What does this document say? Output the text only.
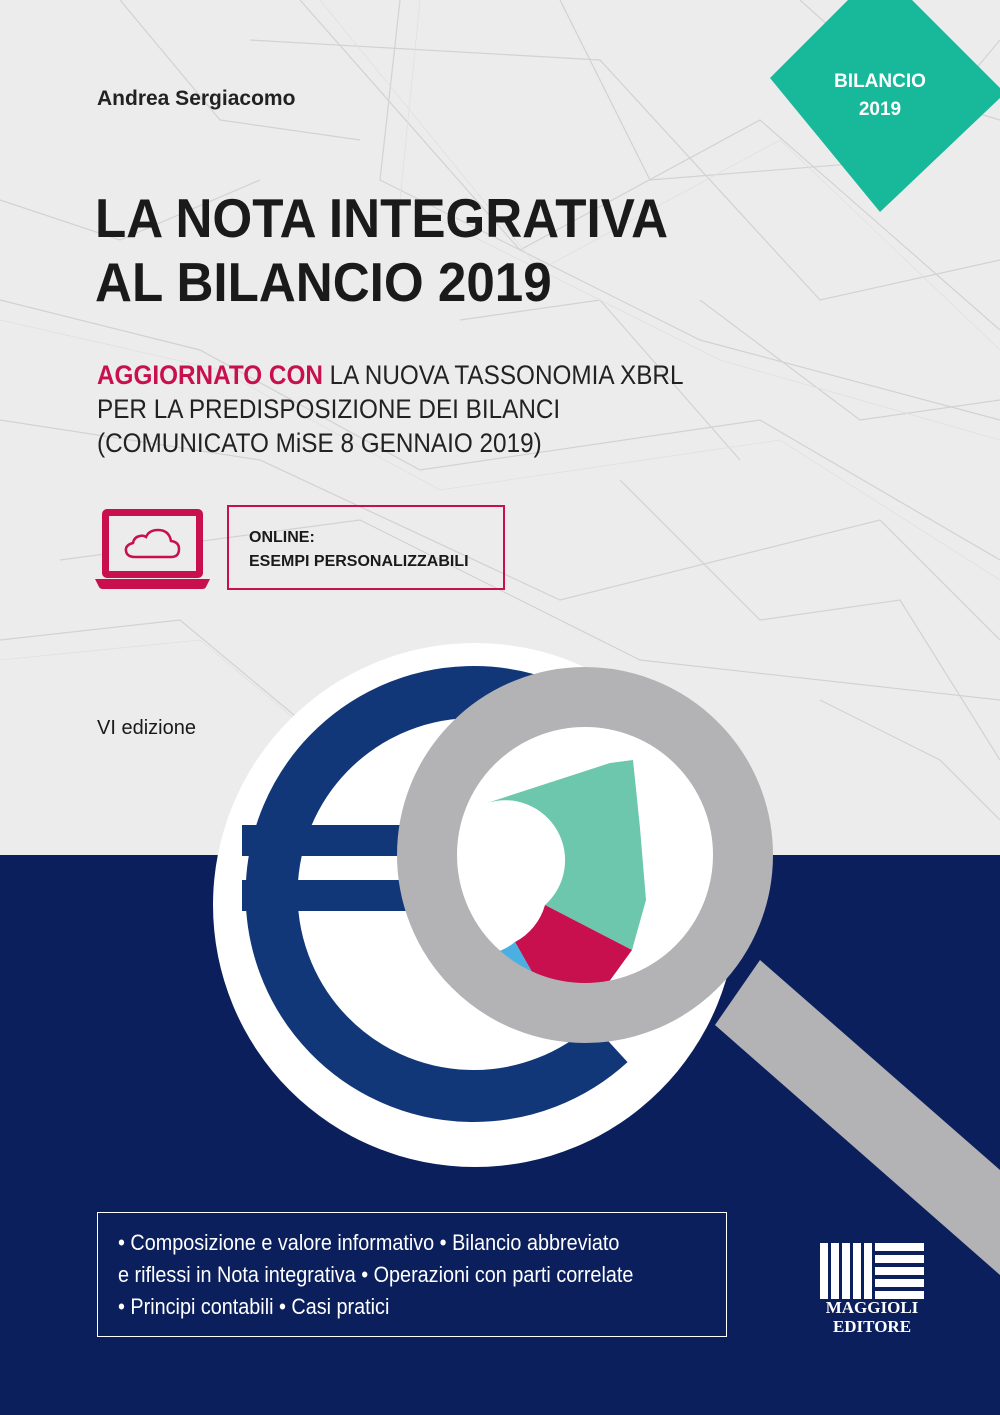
BILANCIO
2019
Andrea Sergiacomo
LA NOTA INTEGRATIVA
AL BILANCIO 2019
AGGIORNATO CON LA NUOVA TASSONOMIA XBRL
PER LA PREDISPOSIZIONE DEI BILANCI
(COMUNICATO MiSE 8 GENNAIO 2019)
ONLINE:
ESEMPI PERSONALIZZABILI
VI edizione
• Composizione e valore informativo • Bilancio abbreviato
e riflessi in Nota integrativa • Operazioni con parti correlate
• Principi contabili • Casi pratici	MAGGIOLI
EDITORE
